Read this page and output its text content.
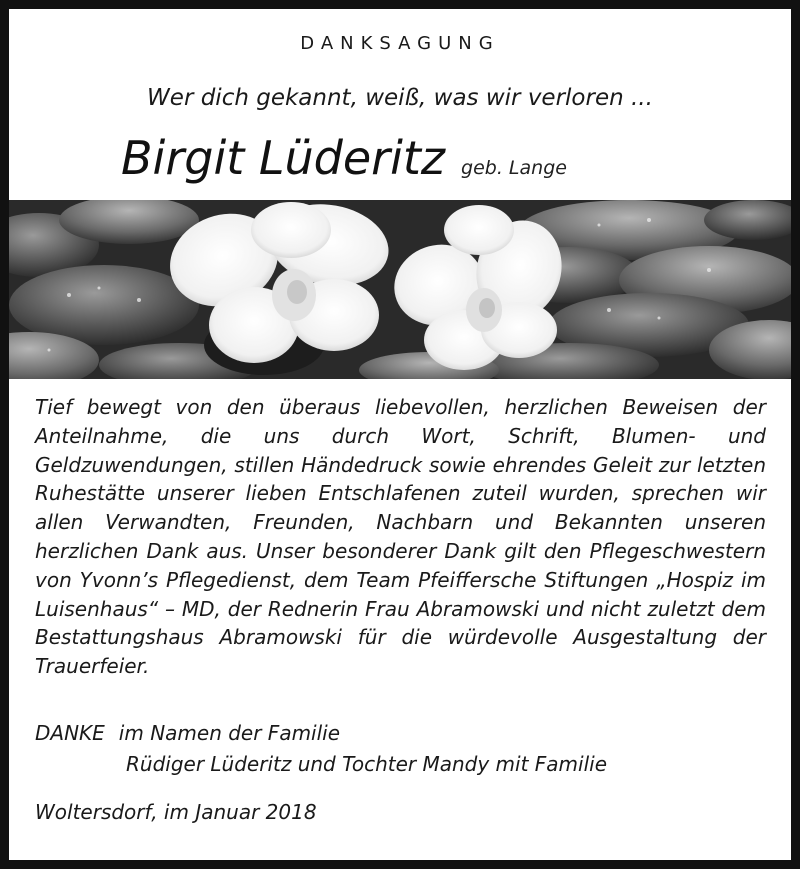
DANKSAGUNG
Wer dich gekannt, weiß, was wir verloren ...
Birgit Lüderitz geb. Lange
Tief bewegt von den überaus liebevollen, herzlichen Beweisen der Anteilnahme, die uns durch Wort, Schrift, Blumen- und Geldzuwendungen, stillen Händedruck sowie ehrendes Geleit zur letzten Ruhestätte unserer lieben Entschlafenen zuteil wurden, sprechen wir allen Verwandten, Freunden, Nachbarn und Bekannten unseren herzlichen Dank aus. Unser besonderer Dank gilt den Pflegeschwestern von Yvonn’s Pflegedienst, dem Team Pfeiffersche Stiftungen „Hospiz im Luisenhaus“ – MD, der Rednerin Frau Abramowski und nicht zuletzt dem Bestattungshaus Abramowski für die würdevolle Ausgestaltung der Trauerfeier.
DANKE im Namen der Familie
Rüdiger Lüderitz und Tochter Mandy mit Familie
Woltersdorf, im Januar 2018
